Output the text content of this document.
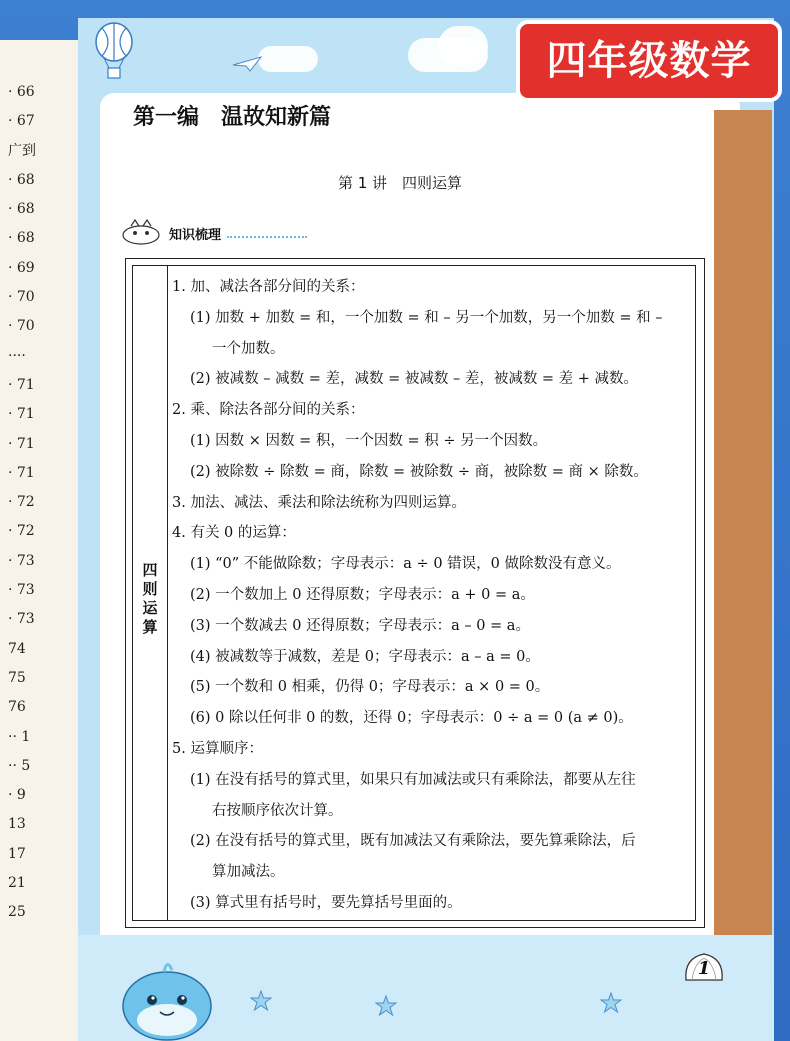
· 66
· 67
广到
· 68
· 68
· 68
· 69
· 70
· 70
····
· 71
· 71
· 71
· 71
· 72
· 72
· 73
· 73
· 73
74
75
76
·· 1
·· 5
· 9
13
17
21
25
四年级数学
第一编　温故知新篇
第 1 讲　四则运算
知识梳理
四
则
运
算
1. 加、减法各部分间的关系：
(1) 加数 + 加数 = 和，一个加数 = 和 – 另一个加数，另一个加数 = 和 –
一个加数。
(2) 被减数 – 减数 = 差，减数 = 被减数 – 差，被减数 = 差 + 减数。
2. 乘、除法各部分间的关系：
(1) 因数 × 因数 = 积，一个因数 = 积 ÷ 另一个因数。
(2) 被除数 ÷ 除数 = 商，除数 = 被除数 ÷ 商，被除数 = 商 × 除数。
3. 加法、减法、乘法和除法统称为四则运算。
4. 有关 0 的运算：
(1) “0” 不能做除数；字母表示：a ÷ 0 错误，0 做除数没有意义。
(2) 一个数加上 0 还得原数；字母表示：a + 0 = a。
(3) 一个数减去 0 还得原数；字母表示：a – 0 = a。
(4) 被减数等于减数，差是 0；字母表示：a – a = 0。
(5) 一个数和 0 相乘，仍得 0；字母表示：a × 0 = 0。
(6) 0 除以任何非 0 的数，还得 0；字母表示：0 ÷ a = 0 (a ≠ 0)。
5. 运算顺序：
(1) 在没有括号的算式里，如果只有加减法或只有乘除法，都要从左往
右按顺序依次计算。
(2) 在没有括号的算式里，既有加减法又有乘除法，要先算乘除法，后
算加减法。
(3) 算式里有括号时，要先算括号里面的。
1
